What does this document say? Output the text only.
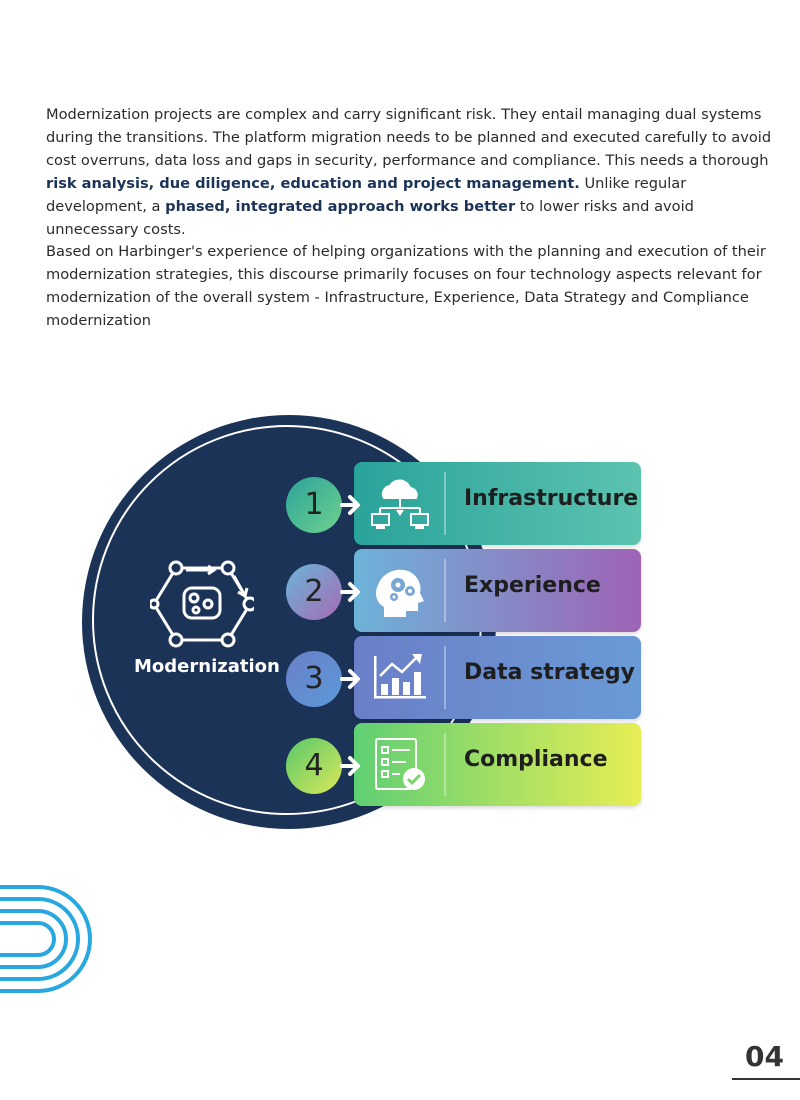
Modernization projects are complex and carry significant risk. They entail managing dual systems during the transitions. The platform migration needs to be planned and executed carefully to avoid cost overruns, data loss and gaps in security, performance and compliance. This needs a thorough risk analysis, due diligence, education and project management. Unlike regular development, a phased, integrated approach works better to lower risks and avoid unnecessary costs.

Based on Harbinger's experience of helping organizations with the planning and execution of their modernization strategies, this discourse primarily focuses on four technology aspects relevant for modernization of the overall system - Infrastructure, Experience, Data Strategy and Compliance modernization

Modernization
Infrastructure
Experience
Data strategy
Compliance
1
2
3
4
04
